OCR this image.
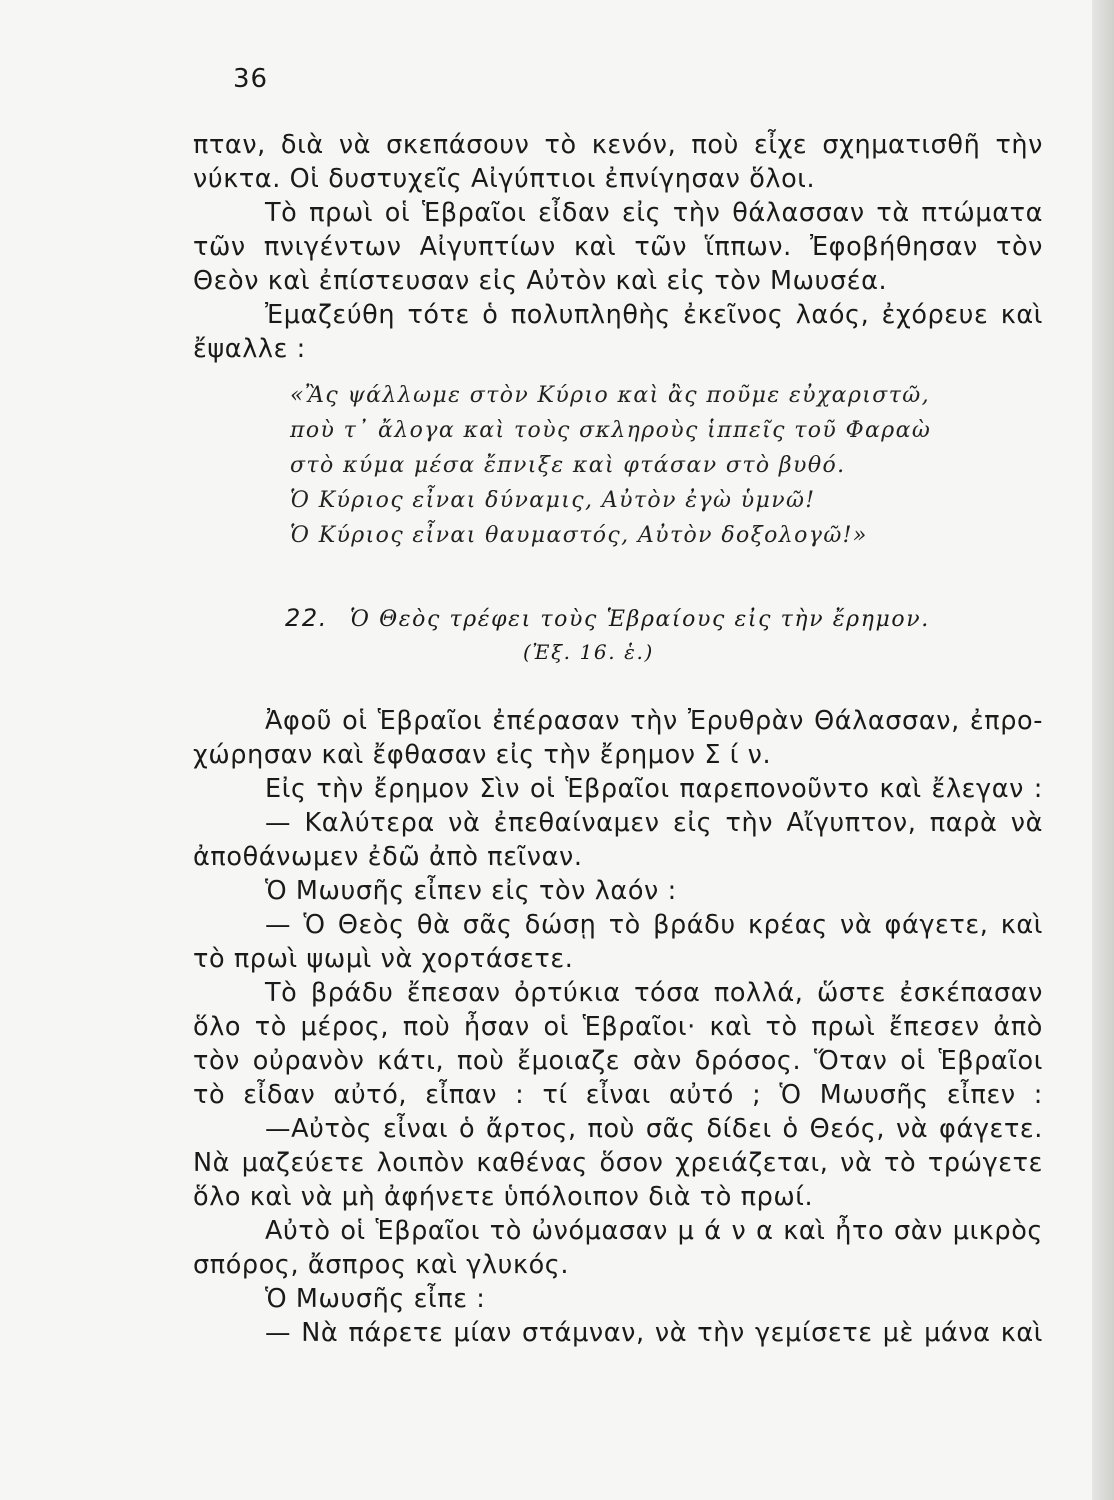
36
πταν, διὰ νὰ σκεπάσουν τὸ κενόν, ποὺ εἶχε σχηματισθῆ τὴν
νύκτα. Οἱ δυστυχεῖς Αἰγύπτιοι ἐπνίγησαν ὅλοι.
Τὸ πρωὶ οἱ Ἑβραῖοι εἶδαν εἰς τὴν θάλασσαν τὰ πτώματα
τῶν πνιγέντων Αἰγυπτίων καὶ τῶν ἵππων. Ἐφοβήθησαν τὸν
Θεὸν καὶ ἐπίστευσαν εἰς Αὐτὸν καὶ εἰς τὸν Μωυσέα.
Ἐμαζεύθη τότε ὁ πολυπληθὴς ἐκεῖνος λαός, ἐχόρευε καὶ
ἔψαλλε :
«Ἂς ψάλλωμε στὸν Κύριο καὶ ἂς ποῦμε εὐχαριστῶ,
ποὺ τ᾿ ἄλογα καὶ τοὺς σκληροὺς ἱππεῖς τοῦ Φαραὼ
στὸ κύμα μέσα ἔπνιξε καὶ φτάσαν στὸ βυθό.
Ὁ Κύριος εἶναι δύναμις, Αὐτὸν ἐγὼ ὑμνῶ!
Ὁ Κύριος εἶναι θαυμαστός, Αὐτὸν δοξολογῶ!»
22. Ὁ Θεὸς τρέφει τοὺς Ἑβραίους εἰς τὴν ἔρημον.
(Ἐξ. 16. ἑ.)
Ἀφοῦ οἱ Ἑβραῖοι ἐπέρασαν τὴν Ἐρυθρὰν Θάλασσαν, ἐπρο-
χώρησαν καὶ ἔφθασαν εἰς τὴν ἔρημον Σ ί ν.
Εἰς τὴν ἔρημον Σὶν οἱ Ἑβραῖοι παρεπονοῦντο καὶ ἔλεγαν :
— Καλύτερα νὰ ἐπεθαίναμεν εἰς τὴν Αἴγυπτον, παρὰ νὰ
ἀποθάνωμεν ἐδῶ ἀπὸ πεῖναν.
Ὁ Μωυσῆς εἶπεν εἰς τὸν λαόν :
— Ὁ Θεὸς θὰ σᾶς δώσῃ τὸ βράδυ κρέας νὰ φάγετε, καὶ
τὸ πρωὶ ψωμὶ νὰ χορτάσετε.
Τὸ βράδυ ἔπεσαν ὀρτύκια τόσα πολλά, ὥστε ἐσκέπασαν
ὅλο τὸ μέρος, ποὺ ἦσαν οἱ Ἑβραῖοι· καὶ τὸ πρωὶ ἔπεσεν ἀπὸ
τὸν οὐρανὸν κάτι, ποὺ ἔμοιαζε σὰν δρόσος. Ὅταν οἱ Ἑβραῖοι
τὸ εἶδαν αὐτό, εἶπαν : τί εἶναι αὐτό ; Ὁ Μωυσῆς εἶπεν :
—Αὐτὸς εἶναι ὁ ἄρτος, ποὺ σᾶς δίδει ὁ Θεός, νὰ φάγετε.
Νὰ μαζεύετε λοιπὸν καθένας ὅσον χρειάζεται, νὰ τὸ τρώγετε
ὅλο καὶ νὰ μὴ ἀφήνετε ὑπόλοιπον διὰ τὸ πρωί.
Αὐτὸ οἱ Ἑβραῖοι τὸ ὠνόμασαν μ ά ν α καὶ ἦτο σὰν μικρὸς
σπόρος, ἄσπρος καὶ γλυκός.
Ὁ Μωυσῆς εἶπε :
— Νὰ πάρετε μίαν στάμναν, νὰ τὴν γεμίσετε μὲ μάνα καὶ
